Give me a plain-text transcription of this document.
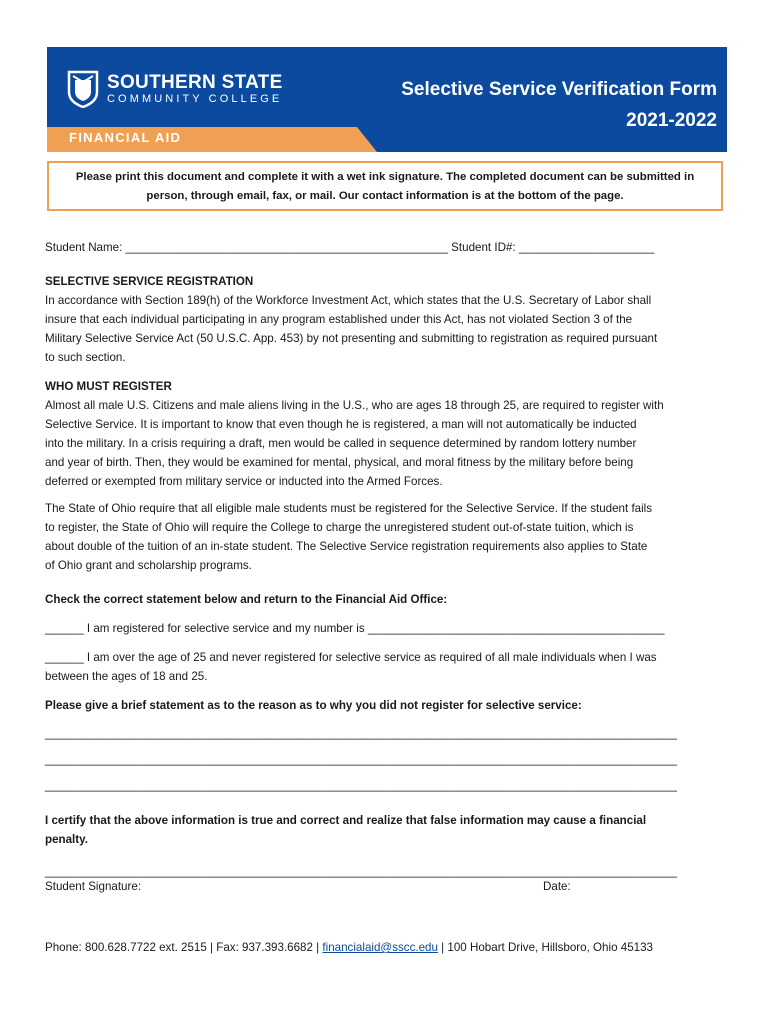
FINANCIAL AID
SOUTHERN STATE
COMMUNITY COLLEGE	Selective Service Verification Form
2021-2022
Please print this document and complete it with a wet ink signature. The completed document can be submitted in
person, through email, fax, or mail. Our contact information is at the bottom of the page.
Student Name: __________________________________________________ Student ID#: _____________________
SELECTIVE SERVICE REGISTRATION
In accordance with Section 189(h) of the Workforce Investment Act, which states that the U.S. Secretary of Labor shall
insure that each individual participating in any program established under this Act, has not violated Section 3 of the
Military Selective Service Act (50 U.S.C. App. 453) by not presenting and submitting to registration as required pursuant
to such section.
WHO MUST REGISTER
Almost all male U.S. Citizens and male aliens living in the U.S., who are ages 18 through 25, are required to register with
Selective Service. It is important to know that even though he is registered, a man will not automatically be inducted
into the military. In a crisis requiring a draft, men would be called in sequence determined by random lottery number
and year of birth. Then, they would be examined for mental, physical, and moral fitness by the military before being
deferred or exempted from military service or inducted into the Armed Forces.
The State of Ohio require that all eligible male students must be registered for the Selective Service. If the student fails
to register, the State of Ohio will require the College to charge the unregistered student out-of-state tuition, which is
about double of the tuition of an in-state student. The Selective Service registration requirements also applies to State
of Ohio grant and scholarship programs.
Check the correct statement below and return to the Financial Aid Office:
______ I am registered for selective service and my number is ______________________________________________
______ I am over the age of 25 and never registered for selective service as required of all male individuals when I was
between the ages of 18 and 25.
Please give a brief statement as to the reason as to why you did not register for selective service:
__________________________________________________________________________________________________
__________________________________________________________________________________________________
__________________________________________________________________________________________________
I certify that the above information is true and correct and realize that false information may cause a financial
penalty.
__________________________________________________________________________________________________
Student Signature:	Date:
Phone: 800.628.7722 ext. 2515 | Fax: 937.393.6682 | financialaid@sscc.edu | 100 Hobart Drive, Hillsboro, Ohio 45133
